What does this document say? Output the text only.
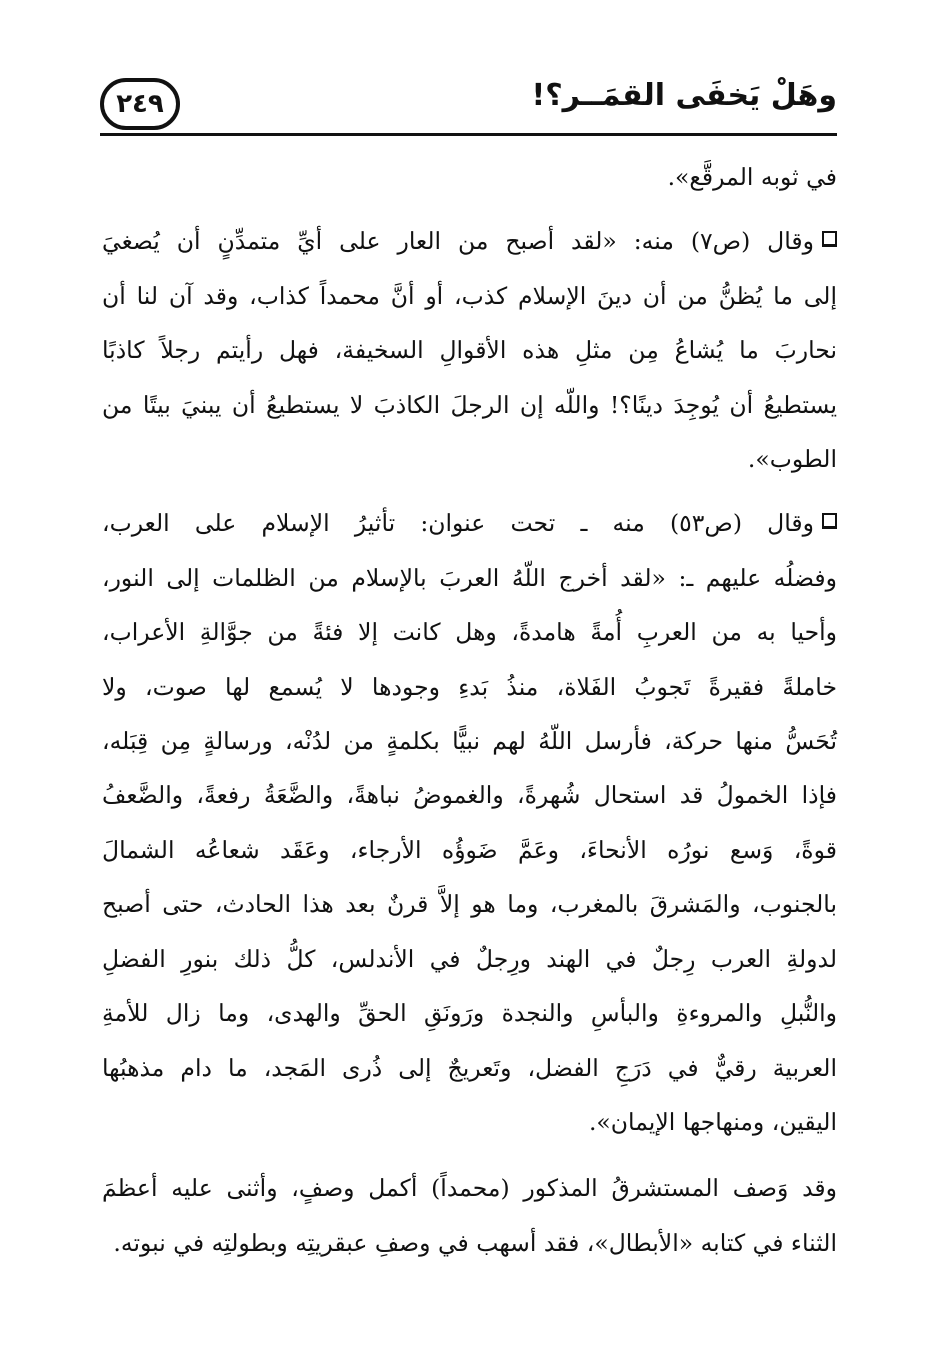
وهَلْ يَخفَى القمَــر؟!
٢٤٩

في ثوبه المرقَّع».

وقال (ص٧) منه: «لقد أصبح من العار على أيِّ متمدِّنٍ أن يُصغيَ
إلى ما يُظنُّ من أن دينَ الإسلام كذب، أو أنَّ محمداً كذاب، وقد آن لنا أن
نحاربَ ما يُشاعُ مِن مثلِ هذه الأقوالِ السخيفة، فهل رأيتم رجلاً كاذبًا
يستطيعُ أن يُوجِدَ دينًا؟! واللّه إن الرجلَ الكاذبَ لا يستطيعُ أن يبنيَ بيتًا من
الطوب».

وقال (ص٥٣) منه ـ تحت عنوان: تأثيرُ الإسلام على العرب،
وفضلُه عليهم ـ: «لقد أخرج اللّهُ العربَ بالإسلام من الظلمات إلى النور،
وأحيا به من العربِ أُمةً هامدةً، وهل كانت إلا فئةً من جوَّالةِ الأعراب،
خاملةً فقيرةً تَجوبُ الفَلاة، منذُ بَدءِ وجودها لا يُسمع لها صوت، ولا
تُحَسُّ منها حركة، فأرسل اللّهُ لهم نبيًّا بكلمةٍ من لدُنْه، ورسالةٍ مِن قِبَله،
فإذا الخمولُ قد استحال شُهرةً، والغموضُ نباهةً، والضَّعَةُ رفعةً، والضَّعفُ
قوةً، وَسع نورُه الأنحاءَ، وعَمَّ ضَوؤُه الأرجاء، وعَقَد شعاعُه الشمالَ
بالجنوب، والمَشرقَ بالمغرب، وما هو إلاَّ قرنٌ بعد هذا الحادث، حتى أصبح
لدولةِ العرب رِجلٌ في الهند ورِجلٌ في الأندلس، كلُّ ذلك بنورِ الفضلِ
والنُّبلِ والمروءةِ والبأسِ والنجدة ورَونَقِ الحقِّ والهدى، وما زال للأمةِ
العربية رقيٌّ في دَرَجِ الفضل، وتَعريجٌ إلى ذُرى المَجد، ما دام مذهبُها
اليقين، ومنهاجها الإيمان».

وقد وَصف المستشرقُ المذكور (محمداً) أكمل وصفٍ، وأثنى عليه أعظمَ
الثناء في كتابه «الأبطال»، فقد أسهب في وصفِ عبقريتِه وبطولتِه في نبوته.
